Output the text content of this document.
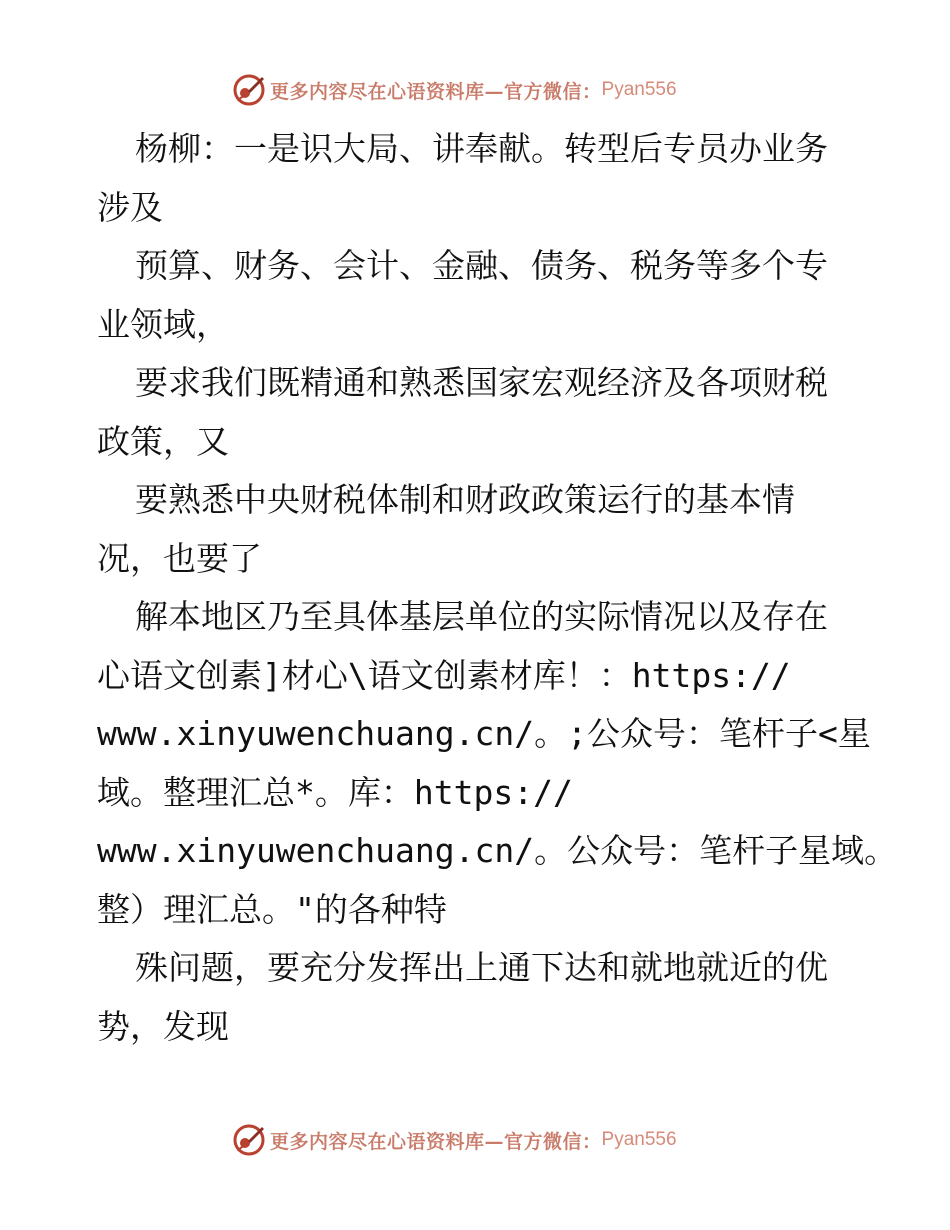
更多内容尽在心语资料库—官方微信： Pyan556
杨柳：一是识大局、讲奉献。转型后专员办业务
涉及
预算、财务、会计、金融、债务、税务等多个专
业领域，
要求我们既精通和熟悉国家宏观经济及各项财税
政策，又
要熟悉中央财税体制和财政政策运行的基本情
况，也要了
解本地区乃至具体基层单位的实际情况以及存在
心语文创素]材心\语文创素材库！：https://
www.xinyuwenchuang.cn/。;公众号：笔杆子<星
域。整理汇总*。库：https://
www.xinyuwenchuang.cn/。公众号：笔杆子星域。
整）理汇总。"的各种特
殊问题，要充分发挥出上通下达和就地就近的优
势，发现
更多内容尽在心语资料库—官方微信： Pyan556
